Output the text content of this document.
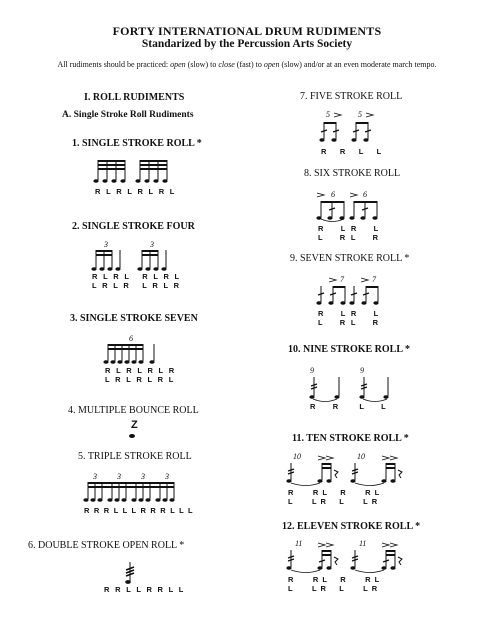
FORTY INTERNATIONAL DRUM RUDIMENTS
Standarized by the Percussion Arts Society
All rudiments should be practiced: open (slow) to close (fast) to open (slow) and/or at an even moderate march tempo.
I. ROLL RUDIMENTS
A. Single Stroke Roll Rudiments
1. SINGLE STROKE ROLL *
R L R L R L R L
2. SINGLE STROKE FOUR
3	3
R L R L   R L R L
L R L R   L R L R
3. SINGLE STROKE SEVEN
6
R L R L R L R
L R L R L R L
4. MULTIPLE BOUNCE ROLL
Z
5. TRIPLE STROKE ROLL
3	3	3	3
R R R L L L R R R L L L
6. DOUBLE STROKE OPEN ROLL *
R R L L R R L L
7. FIVE STROKE ROLL
5	5
R   R   L   L
8. SIX STROKE ROLL
6	6
R    L R    L
L    R L    R
9. SEVEN STROKE ROLL *
7	7
R    L R    L
L    R L    R
10. NINE STROKE ROLL *
9	9
R    R     L    L
11. TEN STROKE ROLL *
10	10
R      R L    R      R L
L      L R    L      L R
12. ELEVEN STROKE ROLL *
11	11
R      R L    R      R L
L      L R    L      L R
